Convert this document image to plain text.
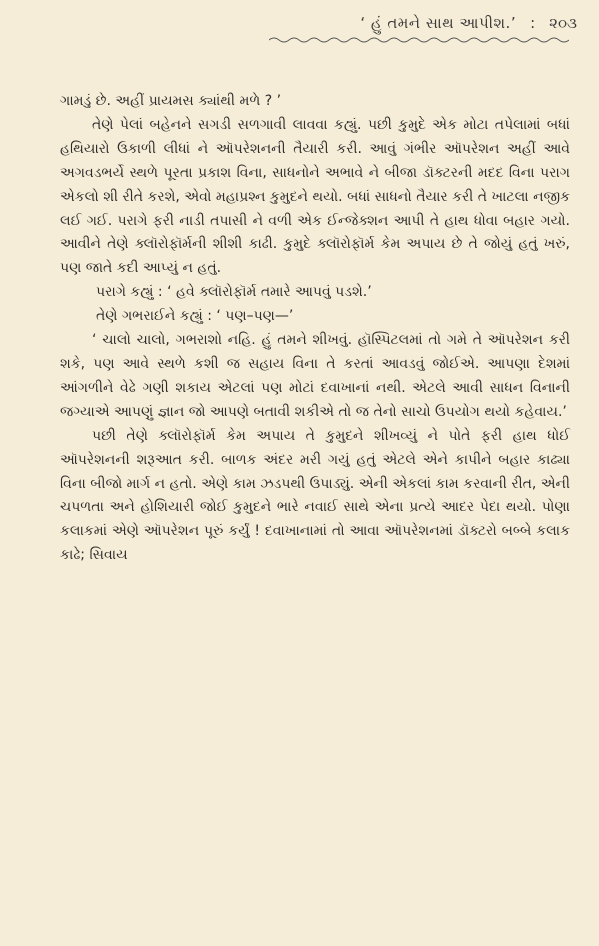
‘ હું તમને સાથ આપીશ.’ : ૨૦૩

ગામડું છે. અહીં પ્રાયમસ ક્યાંથી મળે ? ’

તેણે પેલાં બહેનને સગડી સળગાવી લાવવા કહ્યું. પછી કુમુદે એક મોટા તપેલામાં બધાં હથિયારો ઉકાળી લીધાં ને ઑપરેશનની તૈયારી કરી. આવું ગંભીર ઑપરેશન અહીં આવે અગવડભર્યે સ્થળે પૂરતા પ્રકાશ વિના, સાધનોને અભાવે ને બીજા ડૉક્ટરની મદદ વિના પરાગ એકલો શી રીતે કરશે, એવો મહાપ્રશ્ન કુમુદને થયો. બધાં સાધનો તૈયાર કરી તે ખાટલા નજીક લઈ ગઈ. પરાગે ફરી નાડી તપાસી ને વળી એક ઈન્જેક્શન આપી તે હાથ ધોવા બહાર ગયો. આવીને તેણે ક્લૉરોફૉર્મની શીશી કાઢી. કુમુદે ક્લૉરોફૉર્મ કેમ અપાય છે તે જોયું હતું ખરું, પણ જાતે કદી આપ્યું ન હતું.

પરાગે કહ્યું : ‘ હવે ક્લૉરોફૉર્મ તમારે આપવું પડશે.’

તેણે ગભરાઈને કહ્યું : ‘ પણ–પણ—’

‘ ચાલો ચાલો, ગભરાશો નહિ. હું તમને શીખવું. હૉસ્પિટલમાં તો ગમે તે ઑપરેશન કરી શકે, પણ આવે સ્થળે કશી જ સહાય વિના તે કરતાં આવડવું જોઈએ. આપણા દેશમાં આંગળીને વેઢે ગણી શકાય એટલાં પણ મોટાં દવાખાનાં નથી. એટલે આવી સાધન વિનાની જગ્યાએ આપણું જ્ઞાન જો આપણે બતાવી શકીએ તો જ તેનો સાચો ઉપયોગ થયો કહેવાય.’

પછી તેણે ક્લૉરોફૉર્મ કેમ અપાય તે કુમુદને શીખવ્યું ને પોતે ફરી હાથ ધોઈ ઑપરેશનની શરૂઆત કરી. બાળક અંદર મરી ગયું હતું એટલે એને કાપીને બહાર કાઢ્યા વિના બીજો માર્ગ ન હતો. એણે કામ ઝડપથી ઉપાડ્યું. એની એકલાં કામ કરવાની રીત, એની ચપળતા અને હોશિયારી જોઈ કુમુદને ભારે નવાઈ સાથે એના પ્રત્યે આદર પેદા થયો. પોણા કલાકમાં એણે ઑપરેશન પૂરું કર્યું ! દવાખાનામાં તો આવા ઑપરેશનમાં ડૉક્ટરો બબ્બે કલાક કાઢે; સિવાય
